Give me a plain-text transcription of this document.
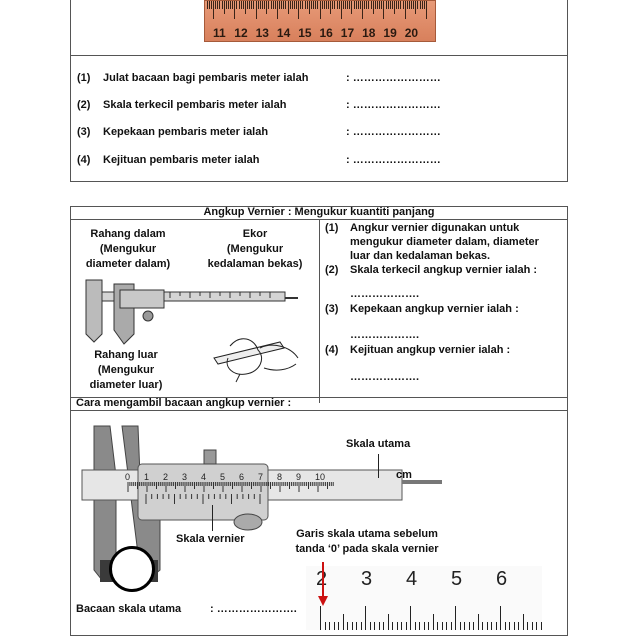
11 12 13 14 15 16 17 18 19 20
(1) Julat bacaan bagi pembaris meter ialah	: ……………………
(2) Skala terkecil pembaris meter ialah	: ……………………
(3) Kepekaan pembaris meter ialah	: ……………………
(4) Kejituan pembaris meter ialah	: ……………………
Angkup Vernier : Mengukur kuantiti panjang
Rahang dalam
(Mengukur
diameter dalam)
Ekor
(Mengukur
kedalaman bekas)
Rahang luar
(Mengukur
diameter luar)
(1) Angkur vernier digunakan untuk
mengukur diameter dalam, diameter
luar dan kedalaman bekas.
(2) Skala terkecil angkup vernier ialah :
……………….
(3) Kepekaan angkup vernier ialah :
……………….
(4) Kejituan angkup vernier ialah :
……………….
Cara mengambil bacaan angkup vernier :
0 1 2 3 4 5 6 7 8 9 10
Skala utama
cm
Skala vernier	Garis skala utama sebelum
tanda ‘0’ pada skala vernier
2 3 4 5 6
Bacaan skala utama	: ………………….
